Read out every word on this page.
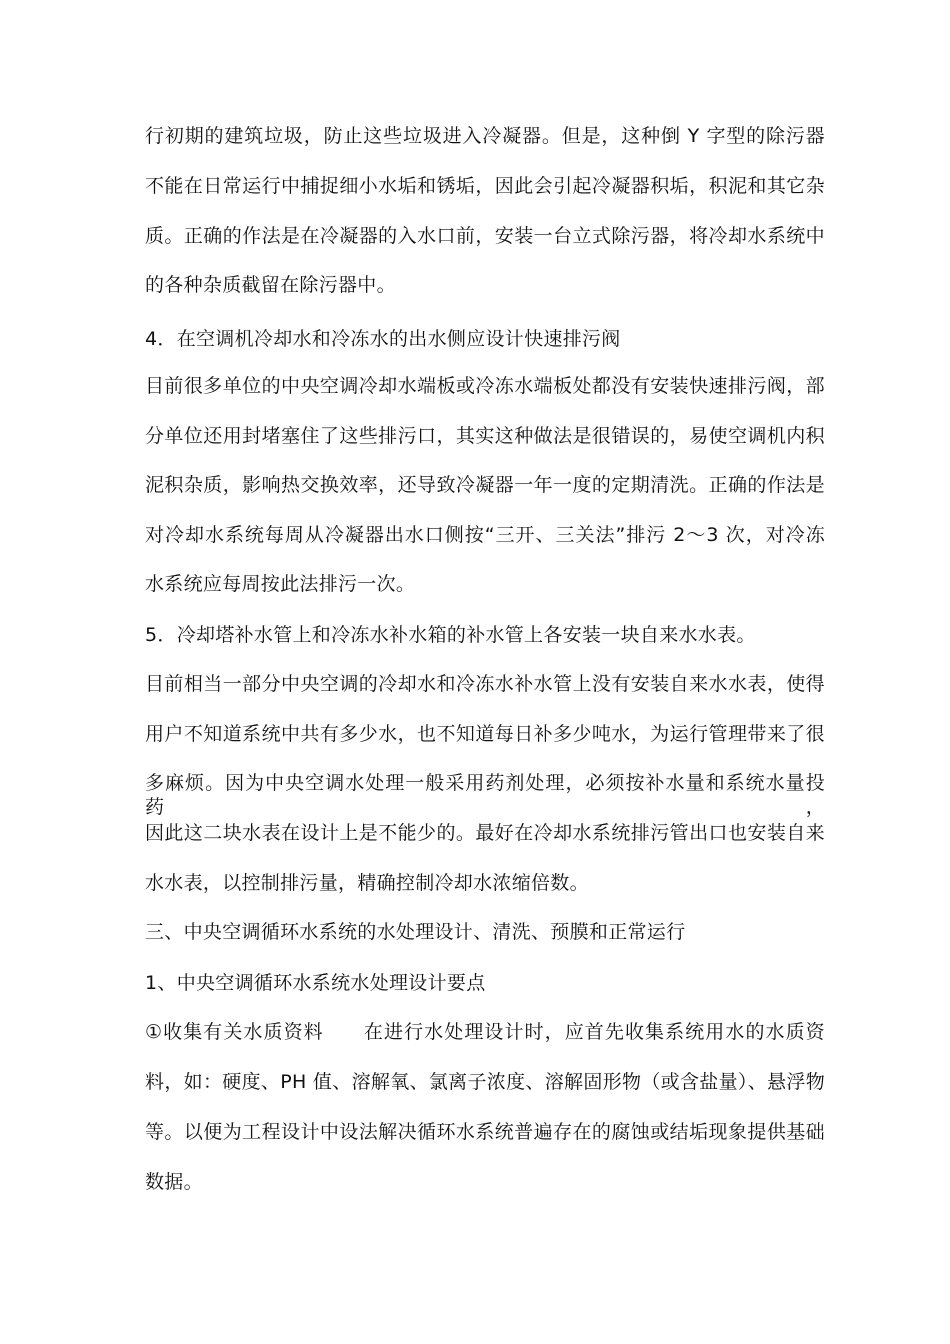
行初期的建筑垃圾，防止这些垃圾进入冷凝器。但是，这种倒 Y 字型的除污器
不能在日常运行中捕捉细小水垢和锈垢，因此会引起冷凝器积垢，积泥和其它杂
质。正确的作法是在冷凝器的入水口前，安装一台立式除污器，将冷却水系统中
的各种杂质截留在除污器中。
4．在空调机冷却水和冷冻水的出水侧应设计快速排污阀
目前很多单位的中央空调冷却水端板或冷冻水端板处都没有安装快速排污阀，部
分单位还用封堵塞住了这些排污口，其实这种做法是很错误的，易使空调机内积
泥积杂质，影响热交换效率，还导致冷凝器一年一度的定期清洗。正确的作法是
对冷却水系统每周从冷凝器出水口侧按“三开、三关法”排污 2～3 次，对冷冻
水系统应每周按此法排污一次。
5．冷却塔补水管上和冷冻水补水箱的补水管上各安装一块自来水水表。
目前相当一部分中央空调的冷却水和冷冻水补水管上没有安装自来水水表，使得
用户不知道系统中共有多少水，也不知道每日补多少吨水，为运行管理带来了很
多麻烦。因为中央空调水处理一般采用药剂处理，必须按补水量和系统水量投药，
因此这二块水表在设计上是不能少的。最好在冷却水系统排污管出口也安装自来
水水表，以控制排污量，精确控制冷却水浓缩倍数。
三、中央空调循环水系统的水处理设计、清洗、预膜和正常运行
1、中央空调循环水系统水处理设计要点
①收集有关水质资料　　在进行水处理设计时，应首先收集系统用水的水质资
料，如：硬度、PH 值、溶解氧、氯离子浓度、溶解固形物（或含盐量）、悬浮物
等。以便为工程设计中设法解决循环水系统普遍存在的腐蚀或结垢现象提供基础
数据。
